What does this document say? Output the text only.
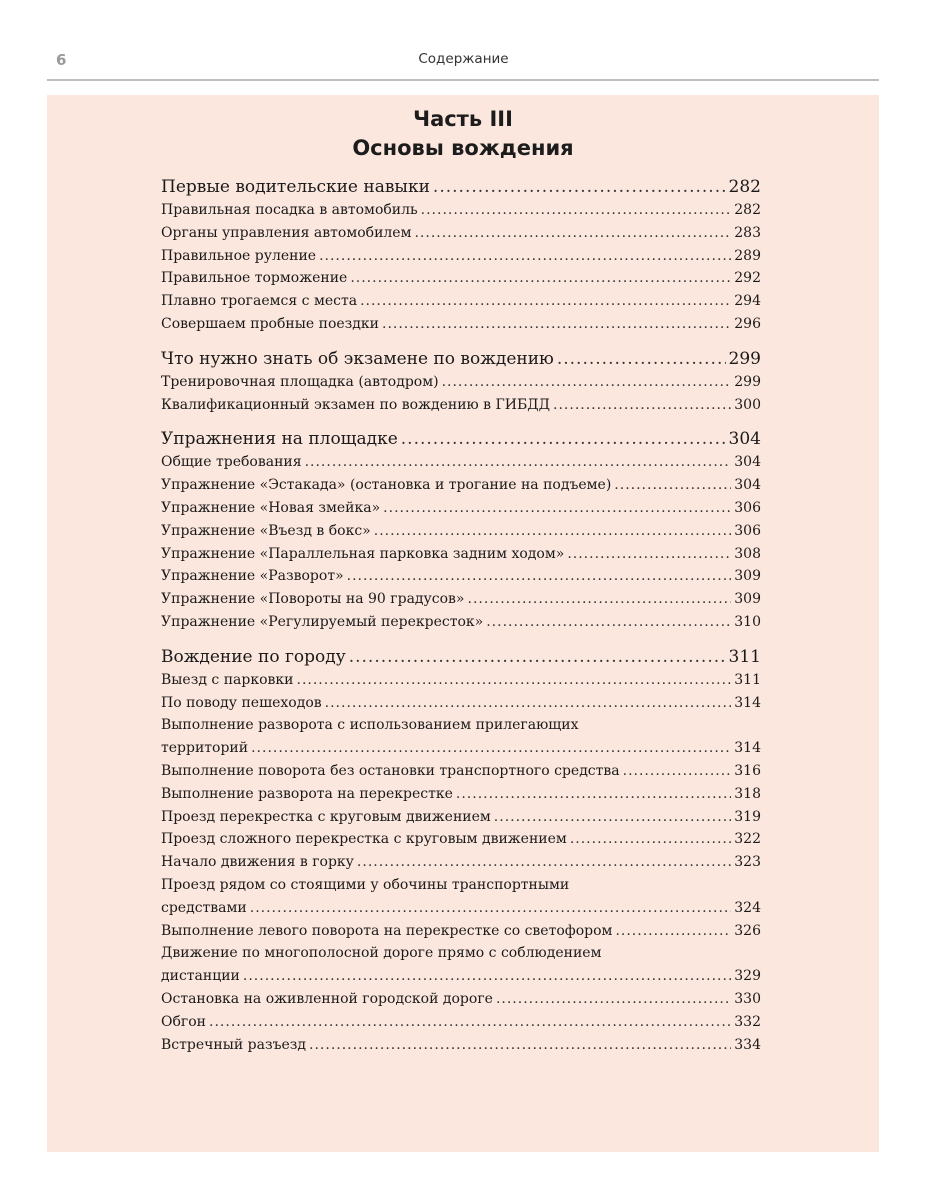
6	Содержание
Часть III
Основы вождения
Первые водительские навыки .....	282
Правильная посадка в автомобиль .....	282
Органы управления автомобилем .....	283
Правильное руление .....	289
Правильное торможение .....	292
Плавно трогаемся с места .....	294
Совершаем пробные поездки .....	296
Что нужно знать об экзамене по вождению .....	299
Тренировочная площадка (автодром) .....	299
Квалификационный экзамен по вождению в ГИБДД .....	300
Упражнения на площадке .....	304
Общие требования .....	304
Упражнение «Эстакада» (остановка и трогание на подъеме) .....	304
Упражнение «Новая змейка» .....	306
Упражнение «Въезд в бокс» .....	306
Упражнение «Параллельная парковка задним ходом» .....	308
Упражнение «Разворот» .....	309
Упражнение «Повороты на 90 градусов» .....	309
Упражнение «Регулируемый перекресток» .....	310
Вождение по городу .....	311
Выезд с парковки .....	311
По поводу пешеходов .....	314
Выполнение разворота с использованием прилегающих
территорий .....	314
Выполнение поворота без остановки транспортного средства .....	316
Выполнение разворота на перекрестке .....	318
Проезд перекрестка с круговым движением .....	319
Проезд сложного перекрестка с круговым движением .....	322
Начало движения в горку .....	323
Проезд рядом со стоящими у обочины транспортными
средствами .....	324
Выполнение левого поворота на перекрестке со светофором .....	326
Движение по многополосной дороге прямо с соблюдением
дистанции .....	329
Остановка на оживленной городской дороге .....	330
Обгон .....	332
Встречный разъезд .....	334
